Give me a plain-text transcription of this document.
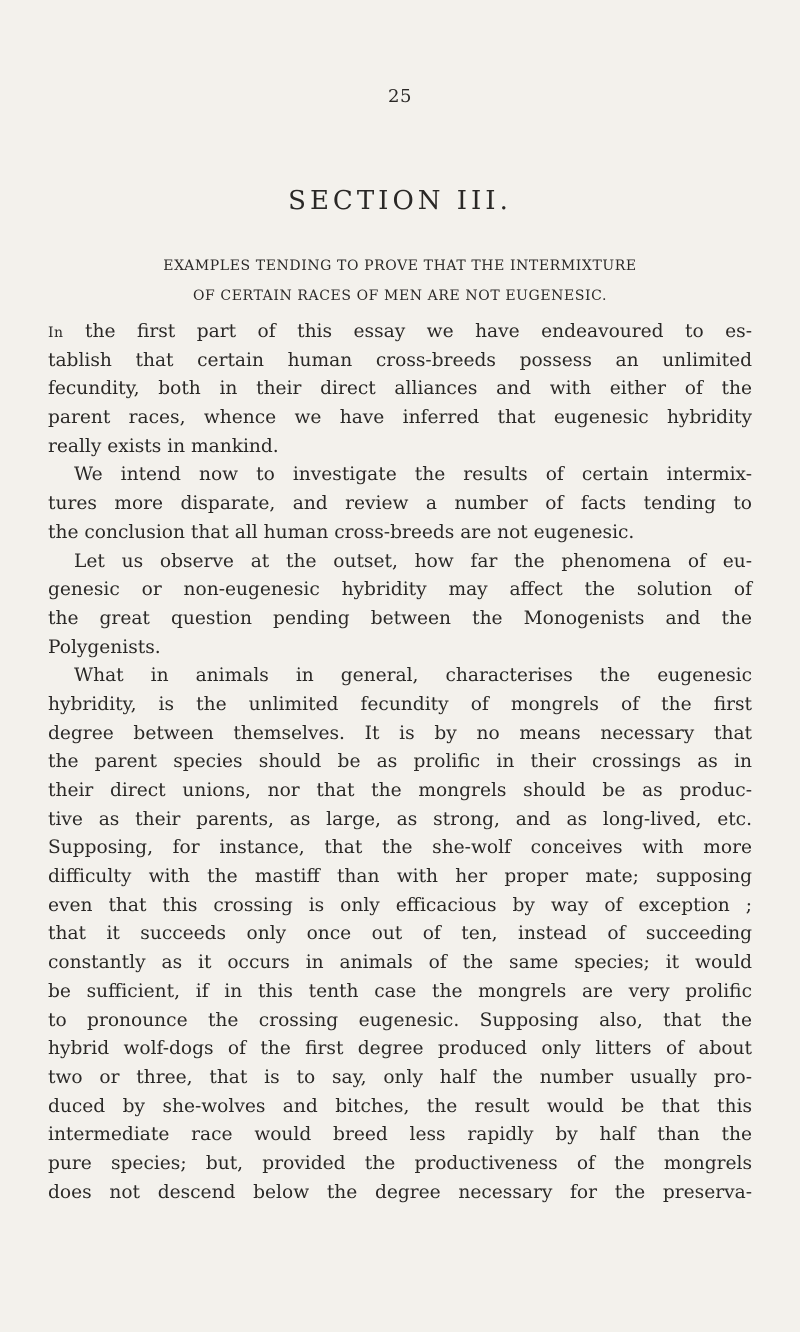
25
SECTION III.
EXAMPLES TENDING TO PROVE THAT THE INTERMIXTURE
OF CERTAIN RACES OF MEN ARE NOT EUGENESIC.
In the first part of this essay we have endeavoured to es-
tablish that certain human cross-breeds possess an unlimited
fecundity, both in their direct alliances and with either of the
parent races, whence we have inferred that eugenesic hybridity
really exists in mankind.
We intend now to investigate the results of certain intermix-
tures more disparate, and review a number of facts tending to
the conclusion that all human cross-breeds are not eugenesic.
Let us observe at the outset, how far the phenomena of eu-
genesic or non-eugenesic hybridity may affect the solution of
the great question pending between the Monogenists and the
Polygenists.
What in animals in general, characterises the eugenesic
hybridity, is the unlimited fecundity of mongrels of the first
degree between themselves. It is by no means necessary that
the parent species should be as prolific in their crossings as in
their direct unions, nor that the mongrels should be as produc-
tive as their parents, as large, as strong, and as long-lived, etc.
Supposing, for instance, that the she-wolf conceives with more
difficulty with the mastiff than with her proper mate; supposing
even that this crossing is only efficacious by way of exception ;
that it succeeds only once out of ten, instead of succeeding
constantly as it occurs in animals of the same species; it would
be sufficient, if in this tenth case the mongrels are very prolific
to pronounce the crossing eugenesic. Supposing also, that the
hybrid wolf-dogs of the first degree produced only litters of about
two or three, that is to say, only half the number usually pro-
duced by she-wolves and bitches, the result would be that this
intermediate race would breed less rapidly by half than the
pure species; but, provided the productiveness of the mongrels
does not descend below the degree necessary for the preserva-
